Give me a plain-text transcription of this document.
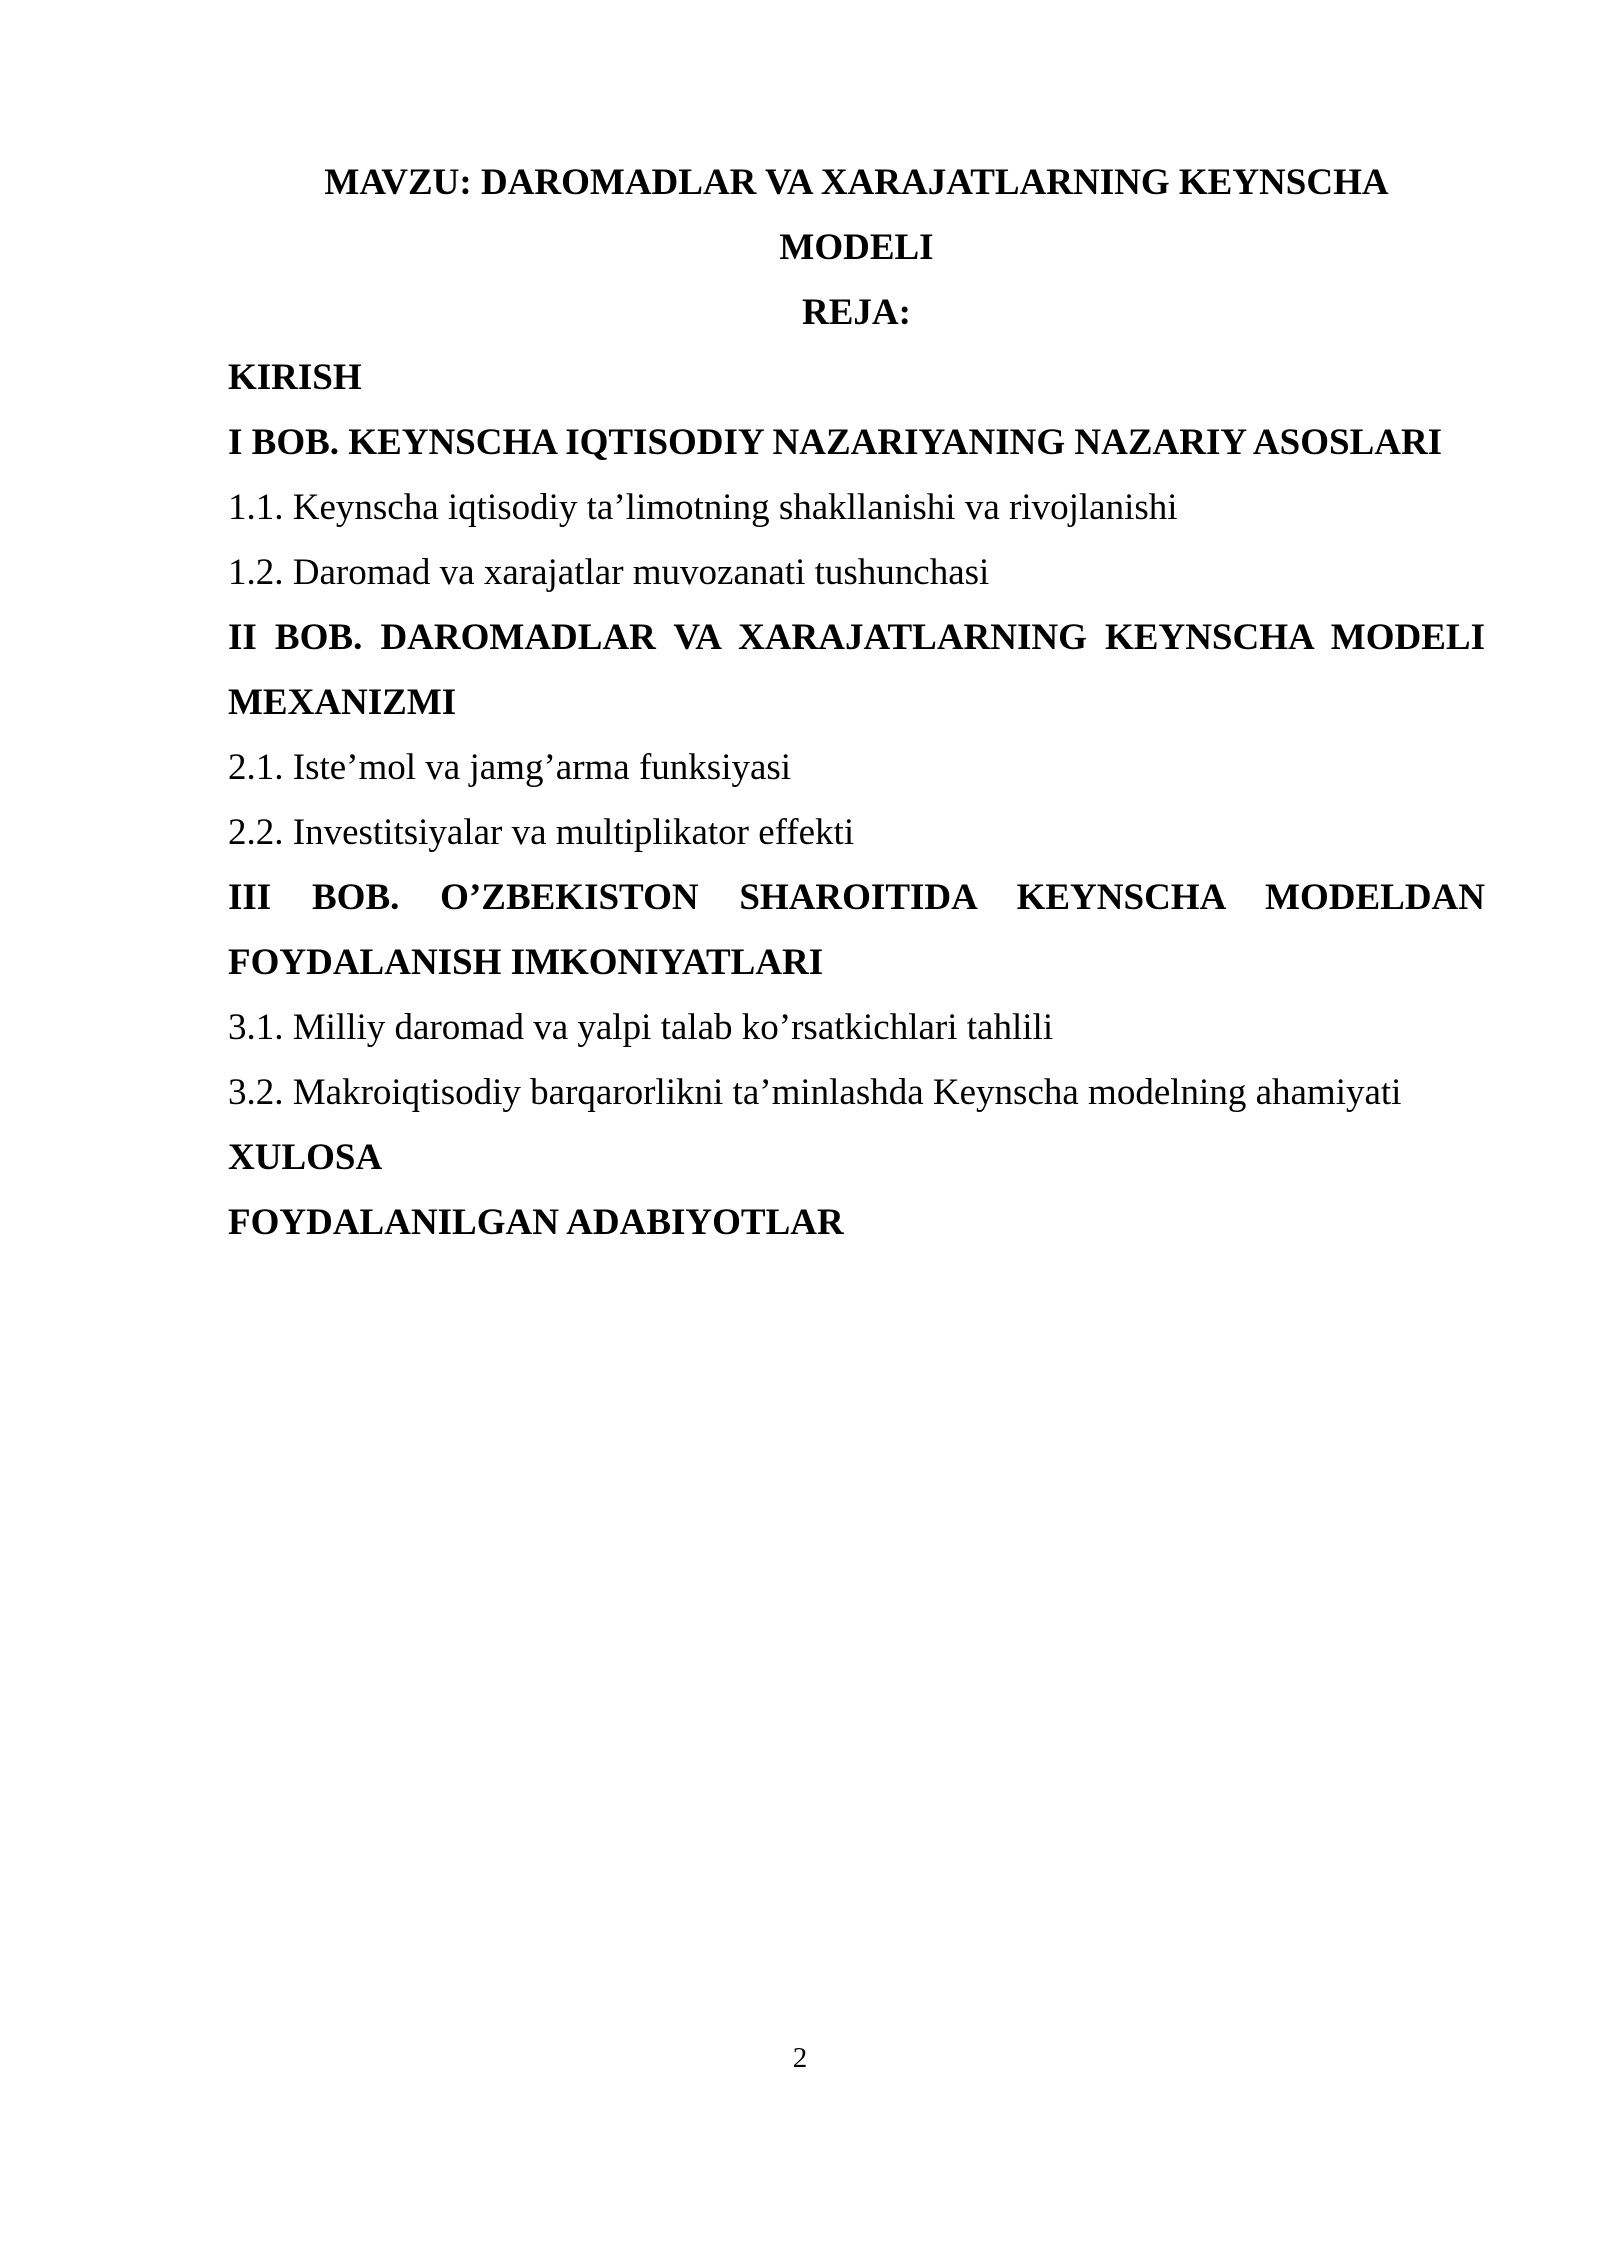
MAVZU: DAROMADLAR VA XARAJATLARNING KEYNSCHA
MODELI
REJA:
KIRISH
I BOB. KEYNSCHA IQTISODIY NAZARIYANING NAZARIY ASOSLARI
1.1. Keynscha iqtisodiy ta’limotning shakllanishi va rivojlanishi
1.2. Daromad va xarajatlar muvozanati tushunchasi
II BOB. DAROMADLAR VA XARAJATLARNING KEYNSCHA MODELI
MEXANIZMI
2.1. Iste’mol va jamg’arma funksiyasi
2.2. Investitsiyalar va multiplikator effekti
III BOB. O’ZBEKISTON SHAROITIDA KEYNSCHA MODELDAN
FOYDALANISH IMKONIYATLARI
3.1. Milliy daromad va yalpi talab ko’rsatkichlari tahlili
3.2. Makroiqtisodiy barqarorlikni ta’minlashda Keynscha modelning ahamiyati
XULOSA
FOYDALANILGAN ADABIYOTLAR
2
